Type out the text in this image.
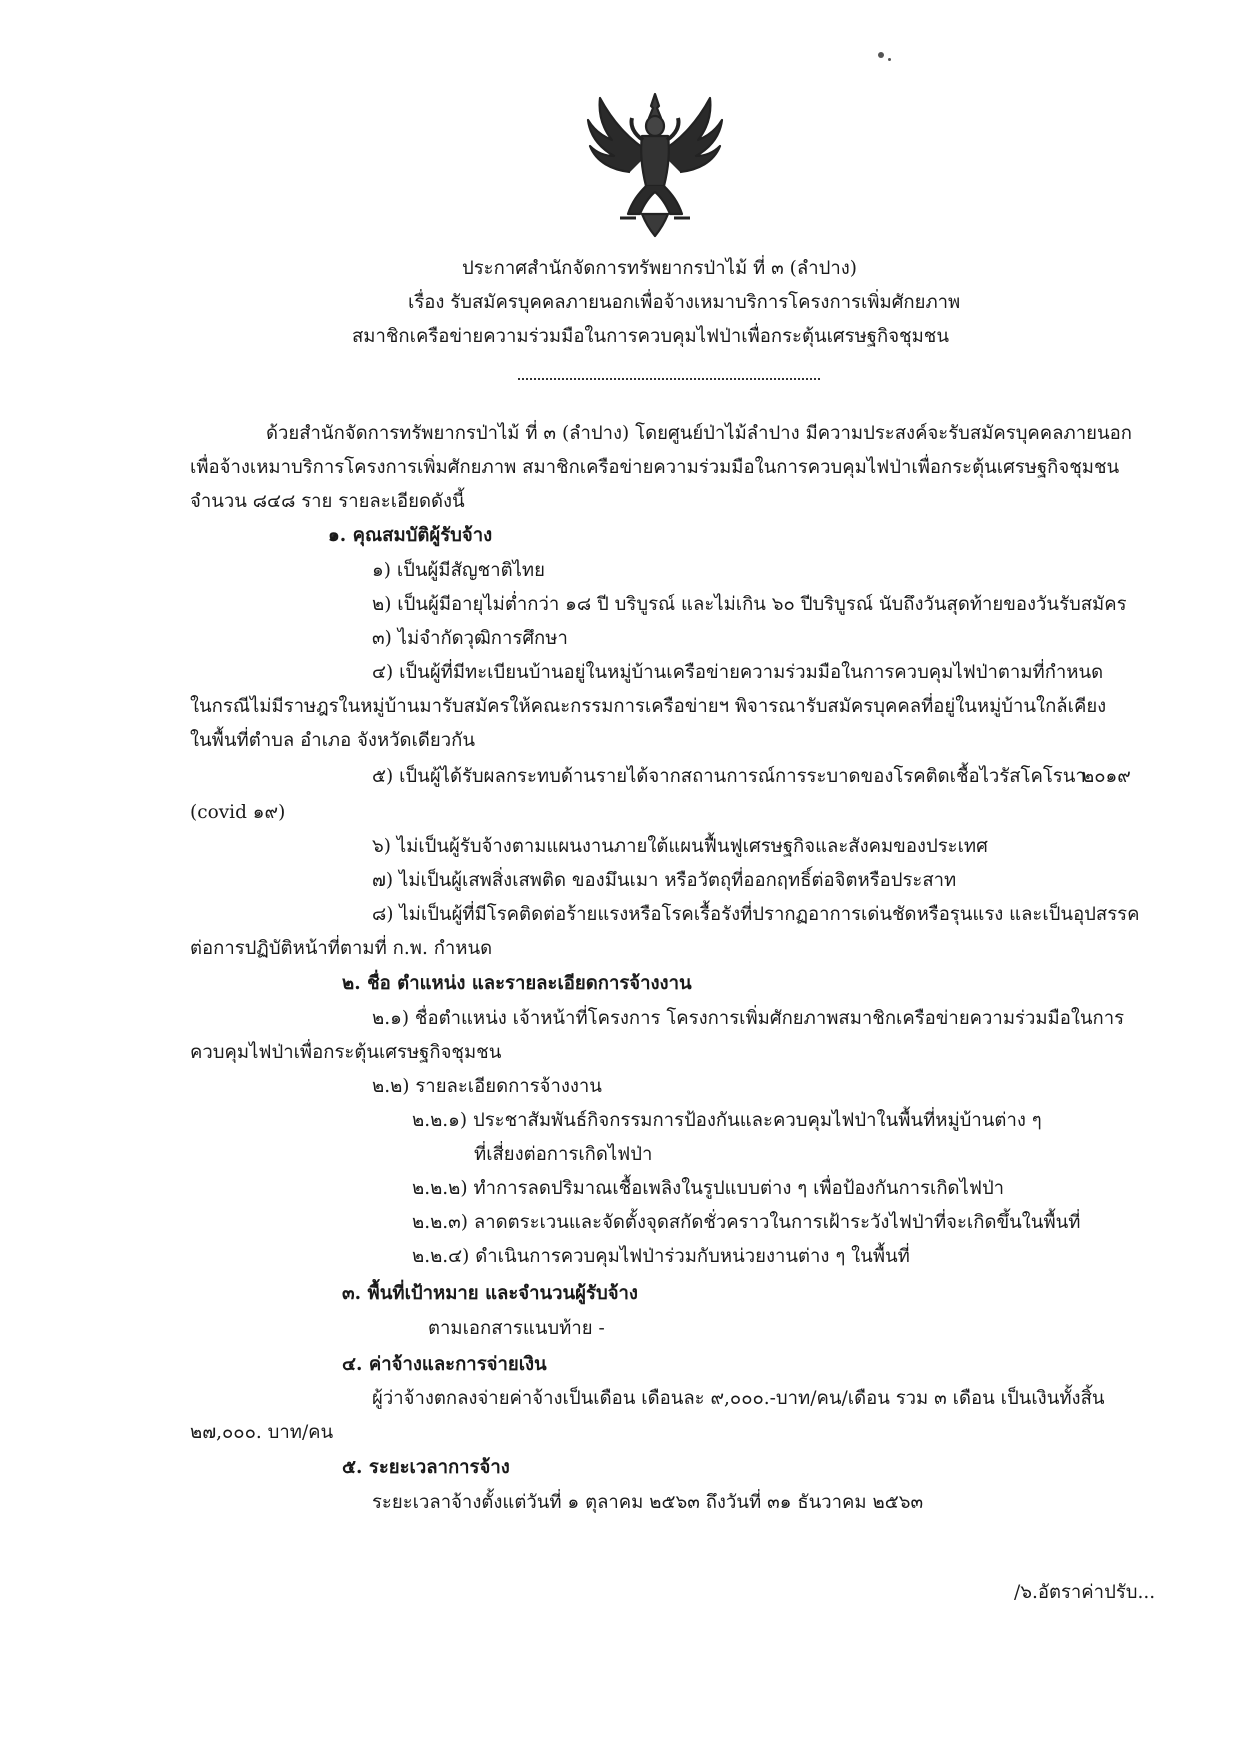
ประกาศสำนักจัดการทรัพยากรป่าไม้ ที่ ๓ (ลำปาง)
เรื่อง รับสมัครบุคคลภายนอกเพื่อจ้างเหมาบริการโครงการเพิ่มศักยภาพ
สมาชิกเครือข่ายความร่วมมือในการควบคุมไฟป่าเพื่อกระตุ้นเศรษฐกิจชุมชน
ด้วยสำนักจัดการทรัพยากรป่าไม้ ที่ ๓ (ลำปาง) โดยศูนย์ป่าไม้ลำปาง มีความประสงค์จะรับสมัครบุคคลภายนอก
เพื่อจ้างเหมาบริการโครงการเพิ่มศักยภาพ สมาชิกเครือข่ายความร่วมมือในการควบคุมไฟป่าเพื่อกระตุ้นเศรษฐกิจชุมชน
จำนวน ๘๔๘ ราย รายละเอียดดังนี้
๑. คุณสมบัติผู้รับจ้าง
๑) เป็นผู้มีสัญชาติไทย
๒) เป็นผู้มีอายุไม่ต่ำกว่า ๑๘ ปี บริบูรณ์ และไม่เกิน ๖๐ ปีบริบูรณ์ นับถึงวันสุดท้ายของวันรับสมัคร
๓) ไม่จำกัดวุฒิการศึกษา
๔) เป็นผู้ที่มีทะเบียนบ้านอยู่ในหมู่บ้านเครือข่ายความร่วมมือในการควบคุมไฟป่าตามที่กำหนด
ในกรณีไม่มีราษฎรในหมู่บ้านมารับสมัครให้คณะกรรมการเครือข่ายฯ พิจารณารับสมัครบุคคลที่อยู่ในหมู่บ้านใกล้เคียง
ในพื้นที่ตำบล อำเภอ จังหวัดเดียวกัน
๕) เป็นผู้ได้รับผลกระทบด้านรายได้จากสถานการณ์การระบาดของโรคติดเชื้อไวรัสโคโรนา
๒๐๑๙
(covid ๑๙)
๖) ไม่เป็นผู้รับจ้างตามแผนงานภายใต้แผนฟื้นฟูเศรษฐกิจและสังคมของประเทศ
๗) ไม่เป็นผู้เสพสิ่งเสพติด ของมึนเมา หรือวัตถุที่ออกฤทธิ์ต่อจิตหรือประสาท
๘) ไม่เป็นผู้ที่มีโรคติดต่อร้ายแรงหรือโรคเรื้อรังที่ปรากฏอาการเด่นชัดหรือรุนแรง และเป็นอุปสรรค
ต่อการปฏิบัติหน้าที่ตามที่ ก.พ. กำหนด
๒. ชื่อ ตำแหน่ง และรายละเอียดการจ้างงาน
๒.๑) ชื่อตำแหน่ง เจ้าหน้าที่โครงการ โครงการเพิ่มศักยภาพสมาชิกเครือข่ายความร่วมมือในการ
ควบคุมไฟป่าเพื่อกระตุ้นเศรษฐกิจชุมชน
๒.๒) รายละเอียดการจ้างงาน
๒.๒.๑) ประชาสัมพันธ์กิจกรรมการป้องกันและควบคุมไฟป่าในพื้นที่หมู่บ้านต่าง ๆ
ที่เสี่ยงต่อการเกิดไฟป่า
๒.๒.๒) ทำการลดปริมาณเชื้อเพลิงในรูปแบบต่าง ๆ เพื่อป้องกันการเกิดไฟป่า
๒.๒.๓) ลาดตระเวนและจัดตั้งจุดสกัดชั่วคราวในการเฝ้าระวังไฟป่าที่จะเกิดขึ้นในพื้นที่
๒.๒.๔) ดำเนินการควบคุมไฟป่าร่วมกับหน่วยงานต่าง ๆ ในพื้นที่
๓. พื้นที่เป้าหมาย และจำนวนผู้รับจ้าง
ตามเอกสารแนบท้าย -
๔. ค่าจ้างและการจ่ายเงิน
ผู้ว่าจ้างตกลงจ่ายค่าจ้างเป็นเดือน เดือนละ ๙,๐๐๐.-บาท/คน/เดือน รวม ๓ เดือน เป็นเงินทั้งสิ้น
๒๗,๐๐๐. บาท/คน
๕. ระยะเวลาการจ้าง
ระยะเวลาจ้างตั้งแต่วันที่ ๑ ตุลาคม ๒๕๖๓ ถึงวันที่ ๓๑ ธันวาคม ๒๕๖๓
/๖.อัตราค่าปรับ...
